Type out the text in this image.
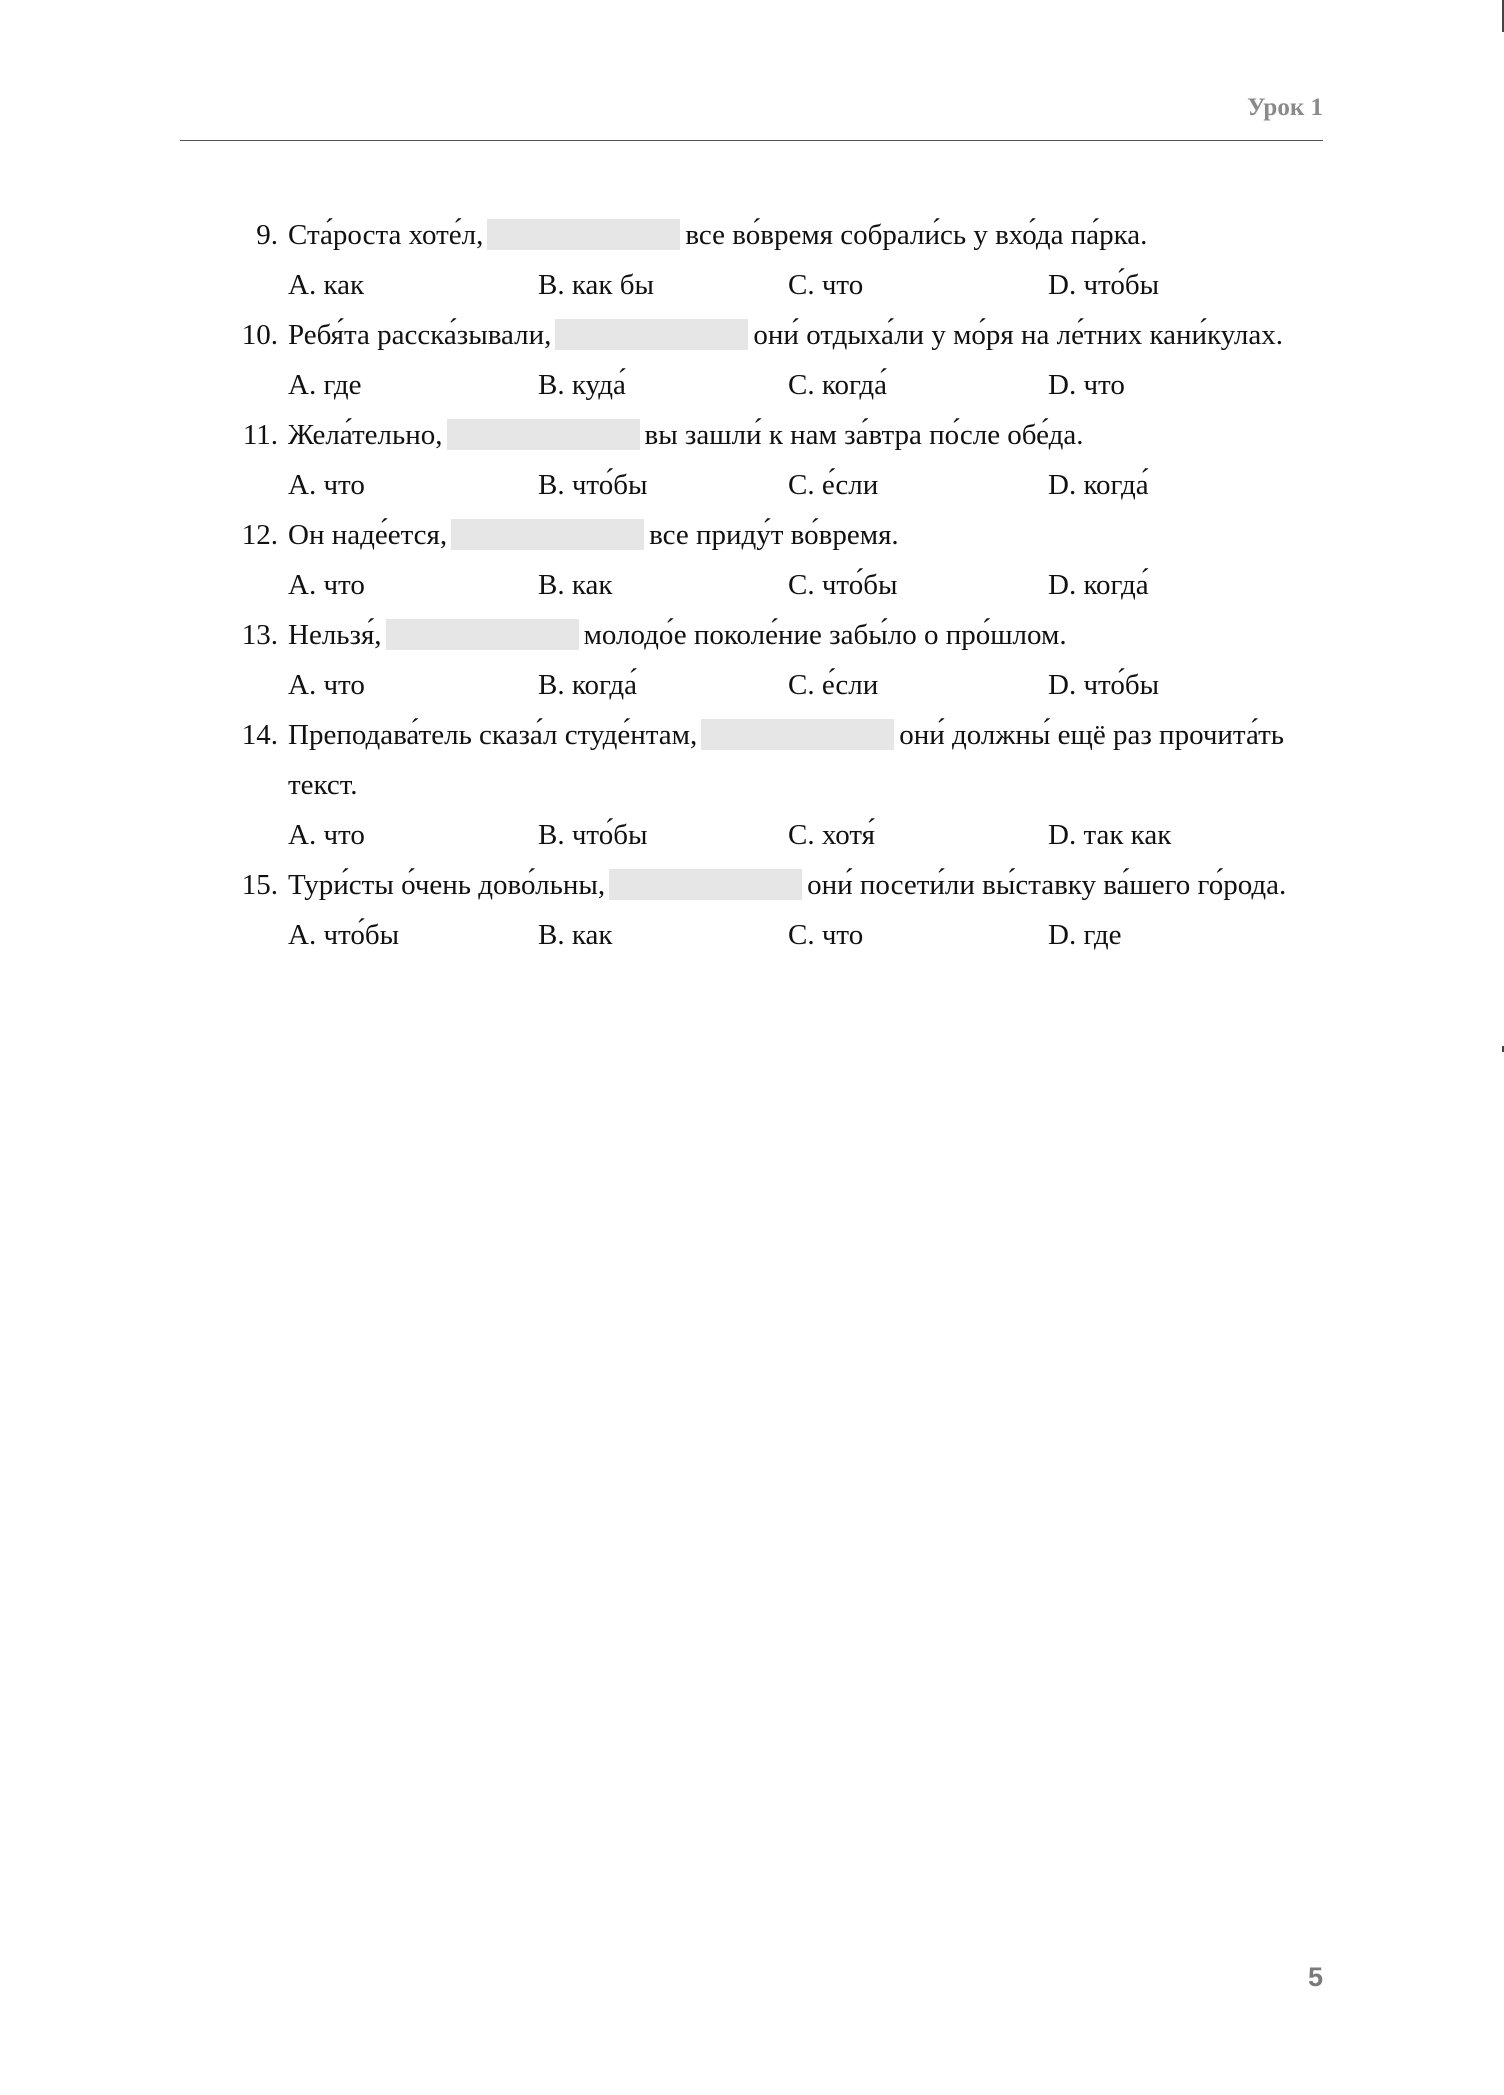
Урок 1
9. Ста́роста хоте́л,	все во́время собрали́сь у вхо́да па́рка.
A. как	B. как бы	C. что	D. что́бы
10. Ребя́та расска́зывали,	они́ отдыха́ли у мо́ря на ле́тних кани́кулах.
A. где	B. куда́	C. когда́	D. что
11. Жела́тельно,	вы зашли́ к нам за́втра по́сле обе́да.
A. что	B. что́бы	C. е́сли	D. когда́
12. Он наде́ется,	все приду́т во́время.
A. что	B. как	C. что́бы	D. когда́
13. Нельзя́,	молодо́е поколе́ние забы́ло о про́шлом.
A. что	B. когда́	C. е́сли	D. что́бы
14. Преподава́тель сказа́л студе́нтам,	они́ должны́ ещё раз прочита́ть
текст.
A. что	B. что́бы	C. хотя́	D. так как
15. Тури́сты о́чень дово́льны,	они́ посети́ли вы́ставку ва́шего го́рода.
A. что́бы	B. как	C. что	D. где
5
